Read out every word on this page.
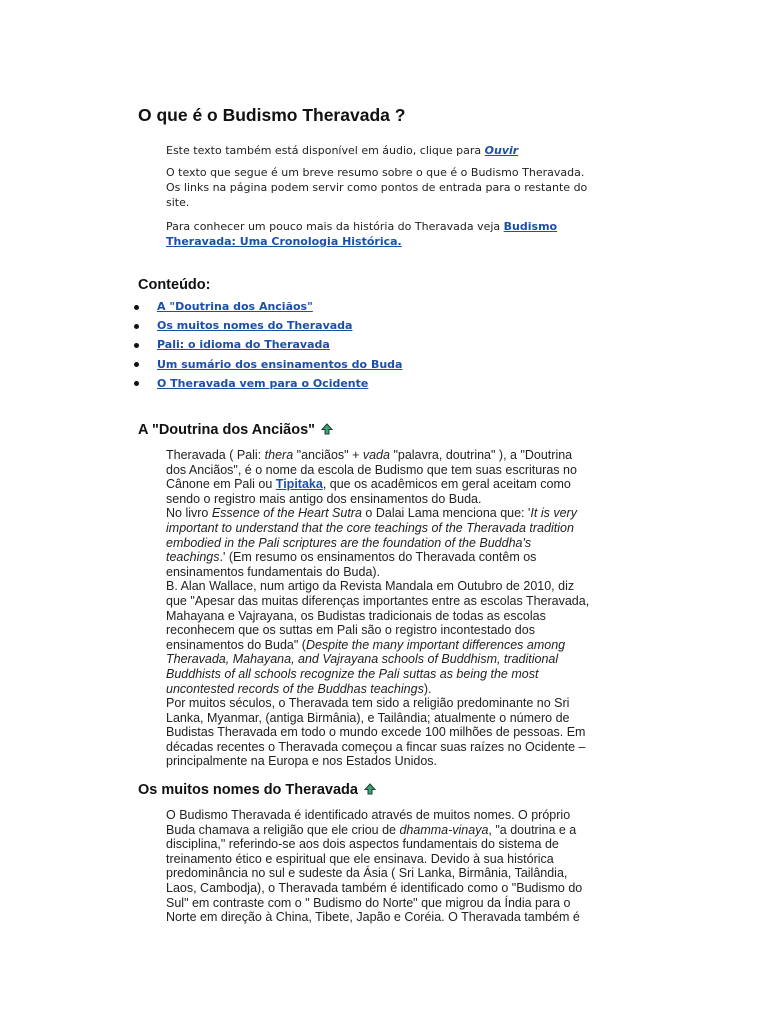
O que é o Budismo Theravada ?
Este texto também está disponível em áudio, clique para Ouvir
O texto que segue é um breve resumo sobre o que é o Budismo Theravada.
Os links na página podem servir como pontos de entrada para o restante do
site.
Para conhecer um pouco mais da história do Theravada veja Budismo
Theravada: Uma Cronologia Histórica.
Conteúdo:
A "Doutrina dos Anciãos"
Os muitos nomes do Theravada
Pali: o idioma do Theravada
Um sumário dos ensinamentos do Buda
O Theravada vem para o Ocidente
A "Doutrina dos Anciãos"
Theravada ( Pali: thera "anciãos" + vada "palavra, doutrina" ), a "Doutrina
dos Anciãos", é o nome da escola de Budismo que tem suas escrituras no
Cânone em Pali ou Tipitaka, que os acadêmicos em geral aceitam como
sendo o registro mais antigo dos ensinamentos do Buda.
No livro Essence of the Heart Sutra o Dalai Lama menciona que: 'It is very
important to understand that the core teachings of the Theravada tradition
embodied in the Pali scriptures are the foundation of the Buddha's
teachings.' (Em resumo os ensinamentos do Theravada contêm os
ensinamentos fundamentais do Buda).
B. Alan Wallace, num artigo da Revista Mandala em Outubro de 2010, diz
que "Apesar das muitas diferenças importantes entre as escolas Theravada,
Mahayana e Vajrayana, os Budistas tradicionais de todas as escolas
reconhecem que os suttas em Pali são o registro incontestado dos
ensinamentos do Buda" (Despite the many important differences among
Theravada, Mahayana, and Vajrayana schools of Buddhism, traditional
Buddhists of all schools recognize the Pali suttas as being the most
uncontested records of the Buddhas teachings).
Por muitos séculos, o Theravada tem sido a religião predominante no Sri
Lanka, Myanmar, (antiga Birmânia), e Tailândia; atualmente o número de
Budistas Theravada em todo o mundo excede 100 milhões de pessoas. Em
décadas recentes o Theravada começou a fincar suas raízes no Ocidente –
principalmente na Europa e nos Estados Unidos.
Os muitos nomes do Theravada
O Budismo Theravada é identificado através de muitos nomes. O próprio
Buda chamava a religião que ele criou de dhamma-vinaya, "a doutrina e a
disciplina," referindo-se aos dois aspectos fundamentais do sistema de
treinamento ético e espiritual que ele ensinava. Devido à sua histórica
predominância no sul e sudeste da Ásia ( Sri Lanka, Birmânia, Tailândia,
Laos, Cambodja), o Theravada também é identificado como o "Budismo do
Sul" em contraste com o " Budismo do Norte" que migrou da Índia para o
Norte em direção à China, Tibete, Japão e Coréia. O Theravada também é
